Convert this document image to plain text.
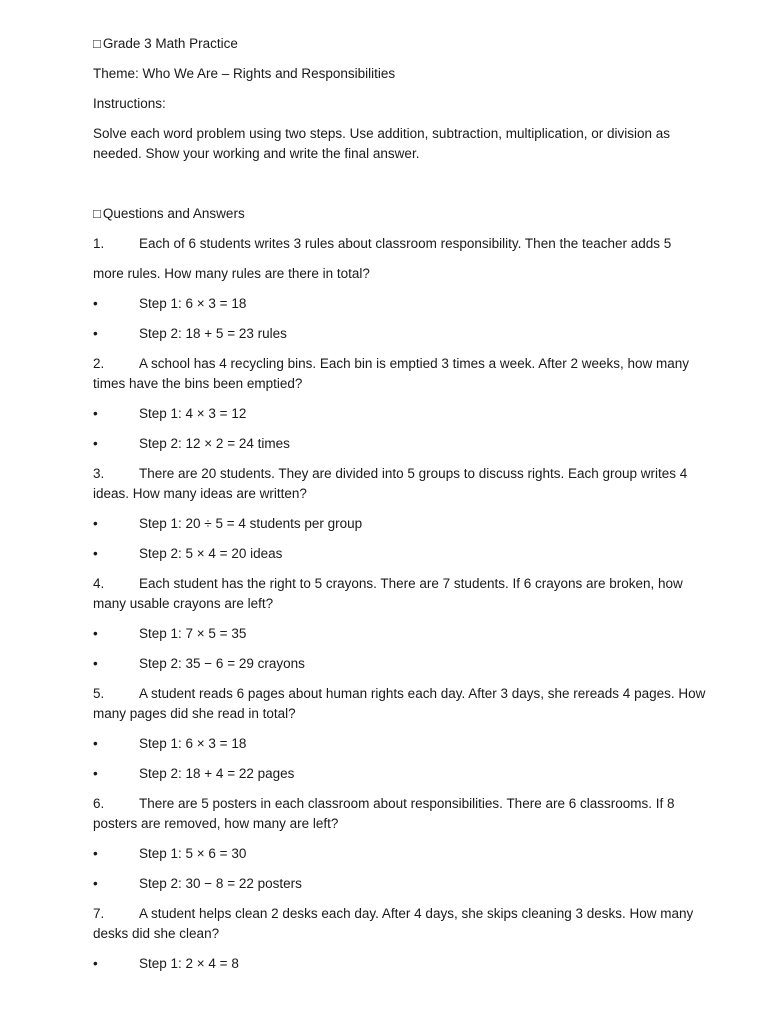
□ Grade 3 Math Practice

Theme: Who We Are – Rights and Responsibilities

Instructions:

Solve each word problem using two steps. Use addition, subtraction, multiplication, or division as needed. Show your working and write the final answer.

□ Questions and Answers

1.	Each of 6 students writes 3 rules about classroom responsibility. Then the teacher adds 5

more rules. How many rules are there in total?

•	Step 1: 6 × 3 = 18

•	Step 2: 18 + 5 = 23 rules

2.	A school has 4 recycling bins. Each bin is emptied 3 times a week. After 2 weeks, how many times have the bins been emptied?

•	Step 1: 4 × 3 = 12

•	Step 2: 12 × 2 = 24 times

3.	There are 20 students. They are divided into 5 groups to discuss rights. Each group writes 4 ideas. How many ideas are written?

•	Step 1: 20 ÷ 5 = 4 students per group

•	Step 2: 5 × 4 = 20 ideas

4.	Each student has the right to 5 crayons. There are 7 students. If 6 crayons are broken, how many usable crayons are left?

•	Step 1: 7 × 5 = 35

•	Step 2: 35 − 6 = 29 crayons

5.	A student reads 6 pages about human rights each day. After 3 days, she rereads 4 pages. How many pages did she read in total?

•	Step 1: 6 × 3 = 18

•	Step 2: 18 + 4 = 22 pages

6.	There are 5 posters in each classroom about responsibilities. There are 6 classrooms. If 8 posters are removed, how many are left?

•	Step 1: 5 × 6 = 30

•	Step 2: 30 − 8 = 22 posters

7.	A student helps clean 2 desks each day. After 4 days, she skips cleaning 3 desks. How many desks did she clean?

•	Step 1: 2 × 4 = 8
